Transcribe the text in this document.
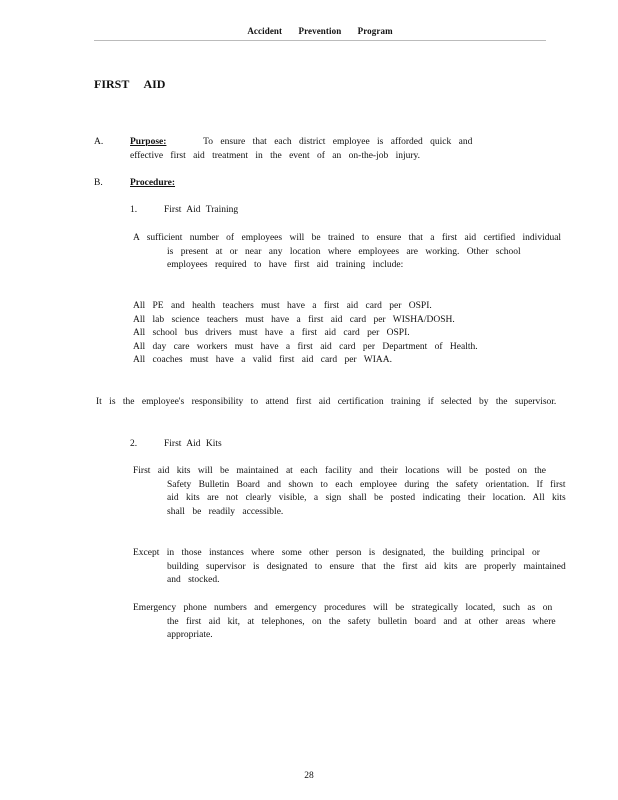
Accident Prevention Program
FIRST AID
A.	Purpose:	To ensure that each district employee is afforded quick and effective first aid treatment in the event of an on-the-job injury.
B.	Procedure:
1.	First Aid Training
A sufficient number of employees will be trained to ensure that a first aid certified individual is present at or near any location where employees are working. Other school employees required to have first aid training include:
All PE and health teachers must have a first aid card per OSPI.
All lab science teachers must have a first aid card per WISHA/DOSH.
All school bus drivers must have a first aid card per OSPI.
All day care workers must have a first aid card per Department of Health.
All coaches must have a valid first aid card per WIAA.
It is the employee's responsibility to attend first aid certification training if selected by the supervisor.
2.	First Aid Kits
First aid kits will be maintained at each facility and their locations will be posted on the Safety Bulletin Board and shown to each employee during the safety orientation. If first aid kits are not clearly visible, a sign shall be posted indicating their location. All kits shall be readily accessible.
Except in those instances where some other person is designated, the building principal or building supervisor is designated to ensure that the first aid kits are properly maintained and stocked.
Emergency phone numbers and emergency procedures will be strategically located, such as on the first aid kit, at telephones, on the safety bulletin board and at other areas where appropriate.
28
